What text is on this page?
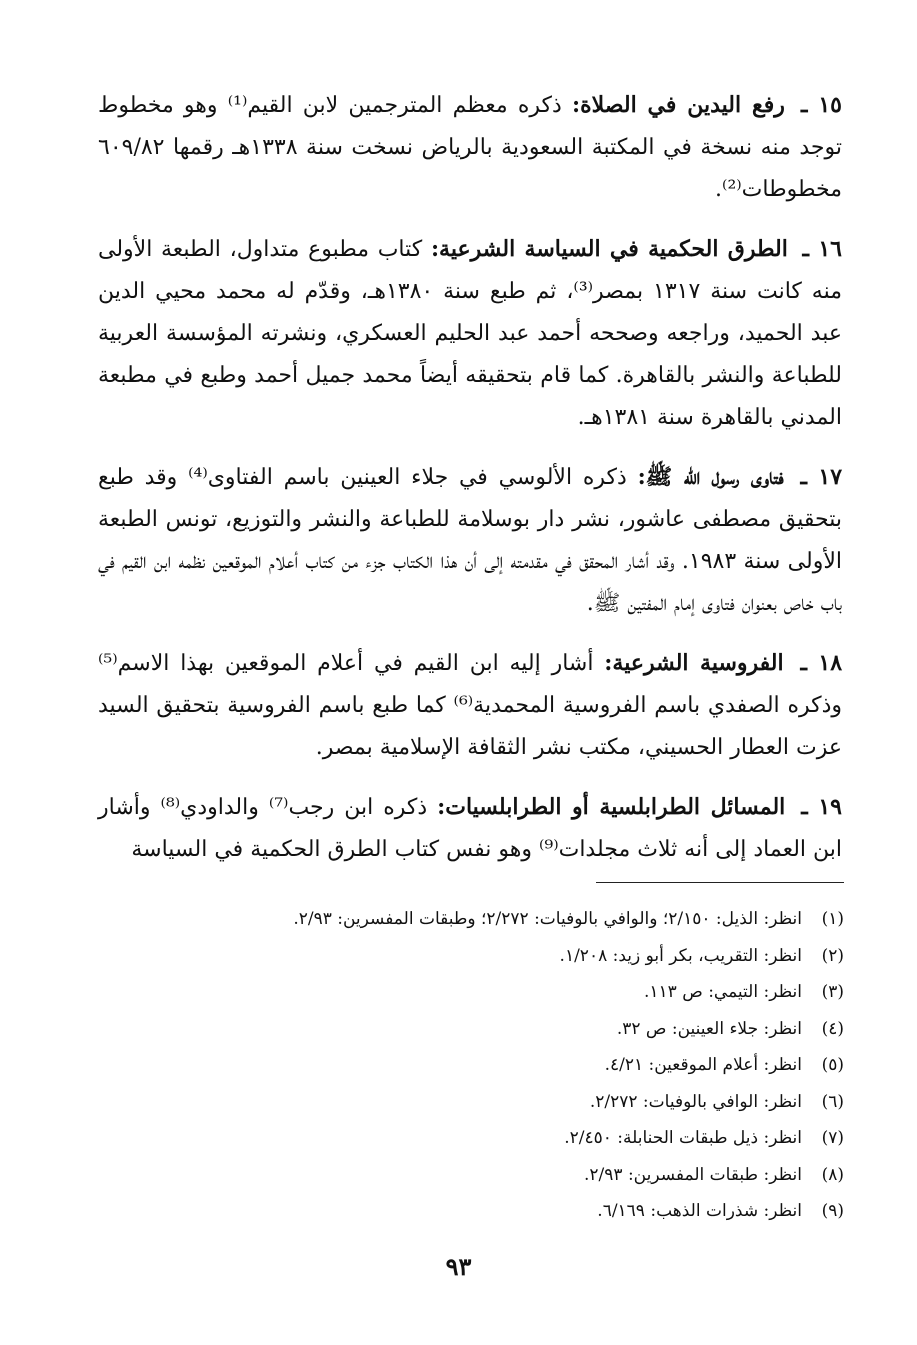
١٥ ـ رفع اليدين في الصلاة: ذكره معظم المترجمين لابن القيم⁽¹⁾ وهو مخطوط توجد منه نسخة في المكتبة السعودية بالرياض نسخت سنة ١٣٣٨هـ رقمها ٦٠٩/٨٢ مخطوطات⁽²⁾.

١٦ ـ الطرق الحكمية في السياسة الشرعية: كتاب مطبوع متداول، الطبعة الأولى منه كانت سنة ١٣١٧ بمصر⁽³⁾، ثم طبع سنة ١٣٨٠هـ، وقدّم له محمد محيي الدين عبد الحميد، وراجعه وصححه أحمد عبد الحليم العسكري، ونشرته المؤسسة العربية للطباعة والنشر بالقاهرة. كما قام بتحقيقه أيضاً محمد جميل أحمد وطبع في مطبعة المدني بالقاهرة سنة ١٣٨١هـ.

١٧ ـ فتاوى رسول الله ﷺ: ذكره الألوسي في جلاء العينين باسم الفتاوى⁽⁴⁾ وقد طبع بتحقيق مصطفى عاشور، نشر دار بوسلامة للطباعة والنشر والتوزيع، تونس الطبعة الأولى سنة ١٩٨٣. وقد أشار المحقق في مقدمته إلى أن هذا الكتاب جزء من كتاب أعلام الموقعين نظمه ابن القيم في باب خاص بعنوان فتاوى إمام المفتين ﷺ.

١٨ ـ الفروسية الشرعية: أشار إليه ابن القيم في أعلام الموقعين بهذا الاسم⁽⁵⁾ وذكره الصفدي باسم الفروسية المحمدية⁽⁶⁾ كما طبع باسم الفروسية بتحقيق السيد عزت العطار الحسيني، مكتب نشر الثقافة الإسلامية بمصر.

١٩ ـ المسائل الطرابلسية أو الطرابلسيات: ذكره ابن رجب⁽⁷⁾ والداودي⁽⁸⁾ وأشار ابن العماد إلى أنه ثلاث مجلدات⁽⁹⁾ وهو نفس كتاب الطرق الحكمية في السياسة

(١)انظر: الذيل: ٢/١٥٠؛ والوافي بالوفيات: ٢/٢٧٢؛ وطبقات المفسرين: ٢/٩٣.
(٢)انظر: التقريب، بكر أبو زيد: ١/٢٠٨.
(٣)انظر: التيمي: ص ١١٣.
(٤)انظر: جلاء العينين: ص ٣٢.
(٥)انظر: أعلام الموقعين: ٤/٢١.
(٦)انظر: الوافي بالوفيات: ٢/٢٧٢.
(٧)انظر: ذيل طبقات الحنابلة: ٢/٤٥٠.
(٨)انظر: طبقات المفسرين: ٢/٩٣.
(٩)انظر: شذرات الذهب: ٦/١٦٩.
٩٣
